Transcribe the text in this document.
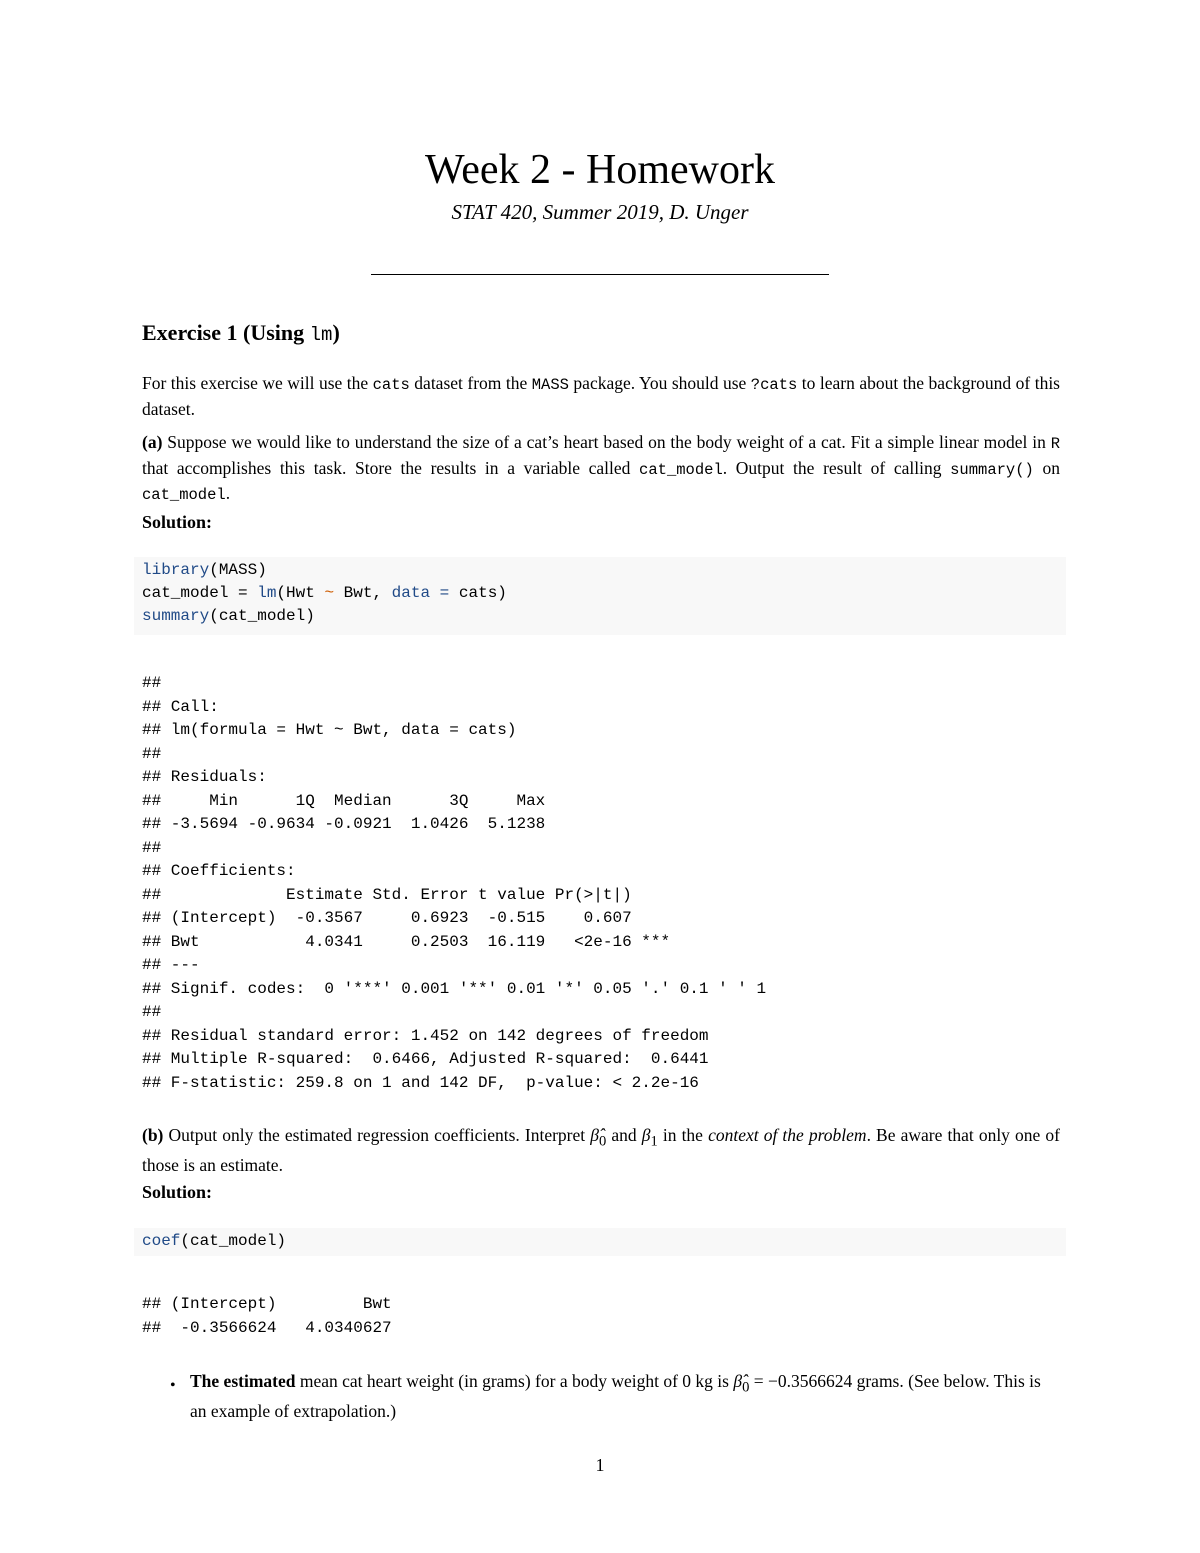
Week 2 - Homework
STAT 420, Summer 2019, D. Unger
Exercise 1 (Using lm)
For this exercise we will use the cats dataset from the MASS package. You should use ?cats to learn about the background of this dataset.
(a) Suppose we would like to understand the size of a cat’s heart based on the body weight of a cat. Fit a simple linear model in R that accomplishes this task. Store the results in a variable called cat_model. Output the result of calling summary() on cat_model.
Solution:
library(MASS)
cat_model = lm(Hwt ~ Bwt, data = cats)
summary(cat_model)
##
## Call:
## lm(formula = Hwt ~ Bwt, data = cats)
##
## Residuals:
##     Min      1Q  Median      3Q     Max
## -3.5694 -0.9634 -0.0921  1.0426  5.1238
##
## Coefficients:
##             Estimate Std. Error t value Pr(>|t|)
## (Intercept)  -0.3567     0.6923  -0.515    0.607
## Bwt           4.0341     0.2503  16.119   <2e-16 ***
## ---
## Signif. codes:  0 '***' 0.001 '**' 0.01 '*' 0.05 '.' 0.1 ' ' 1
##
## Residual standard error: 1.452 on 142 degrees of freedom
## Multiple R-squared:  0.6466, Adjusted R-squared:  0.6441
## F-statistic: 259.8 on 1 and 142 DF,  p-value: < 2.2e-16
(b) Output only the estimated regression coefficients. Interpret $\betâ_0$ and $\beta_1$ in the context of the problem. Be aware that only one of those is an estimate.
Solution:
coef(cat_model)
## (Intercept)         Bwt
##  -0.3566624   4.0340627
• The estimated mean cat heart weight (in grams) for a body weight of 0 kg is $\betâ_0 = -0.3566624$ grams. (See below. This is an example of extrapolation.)
1
